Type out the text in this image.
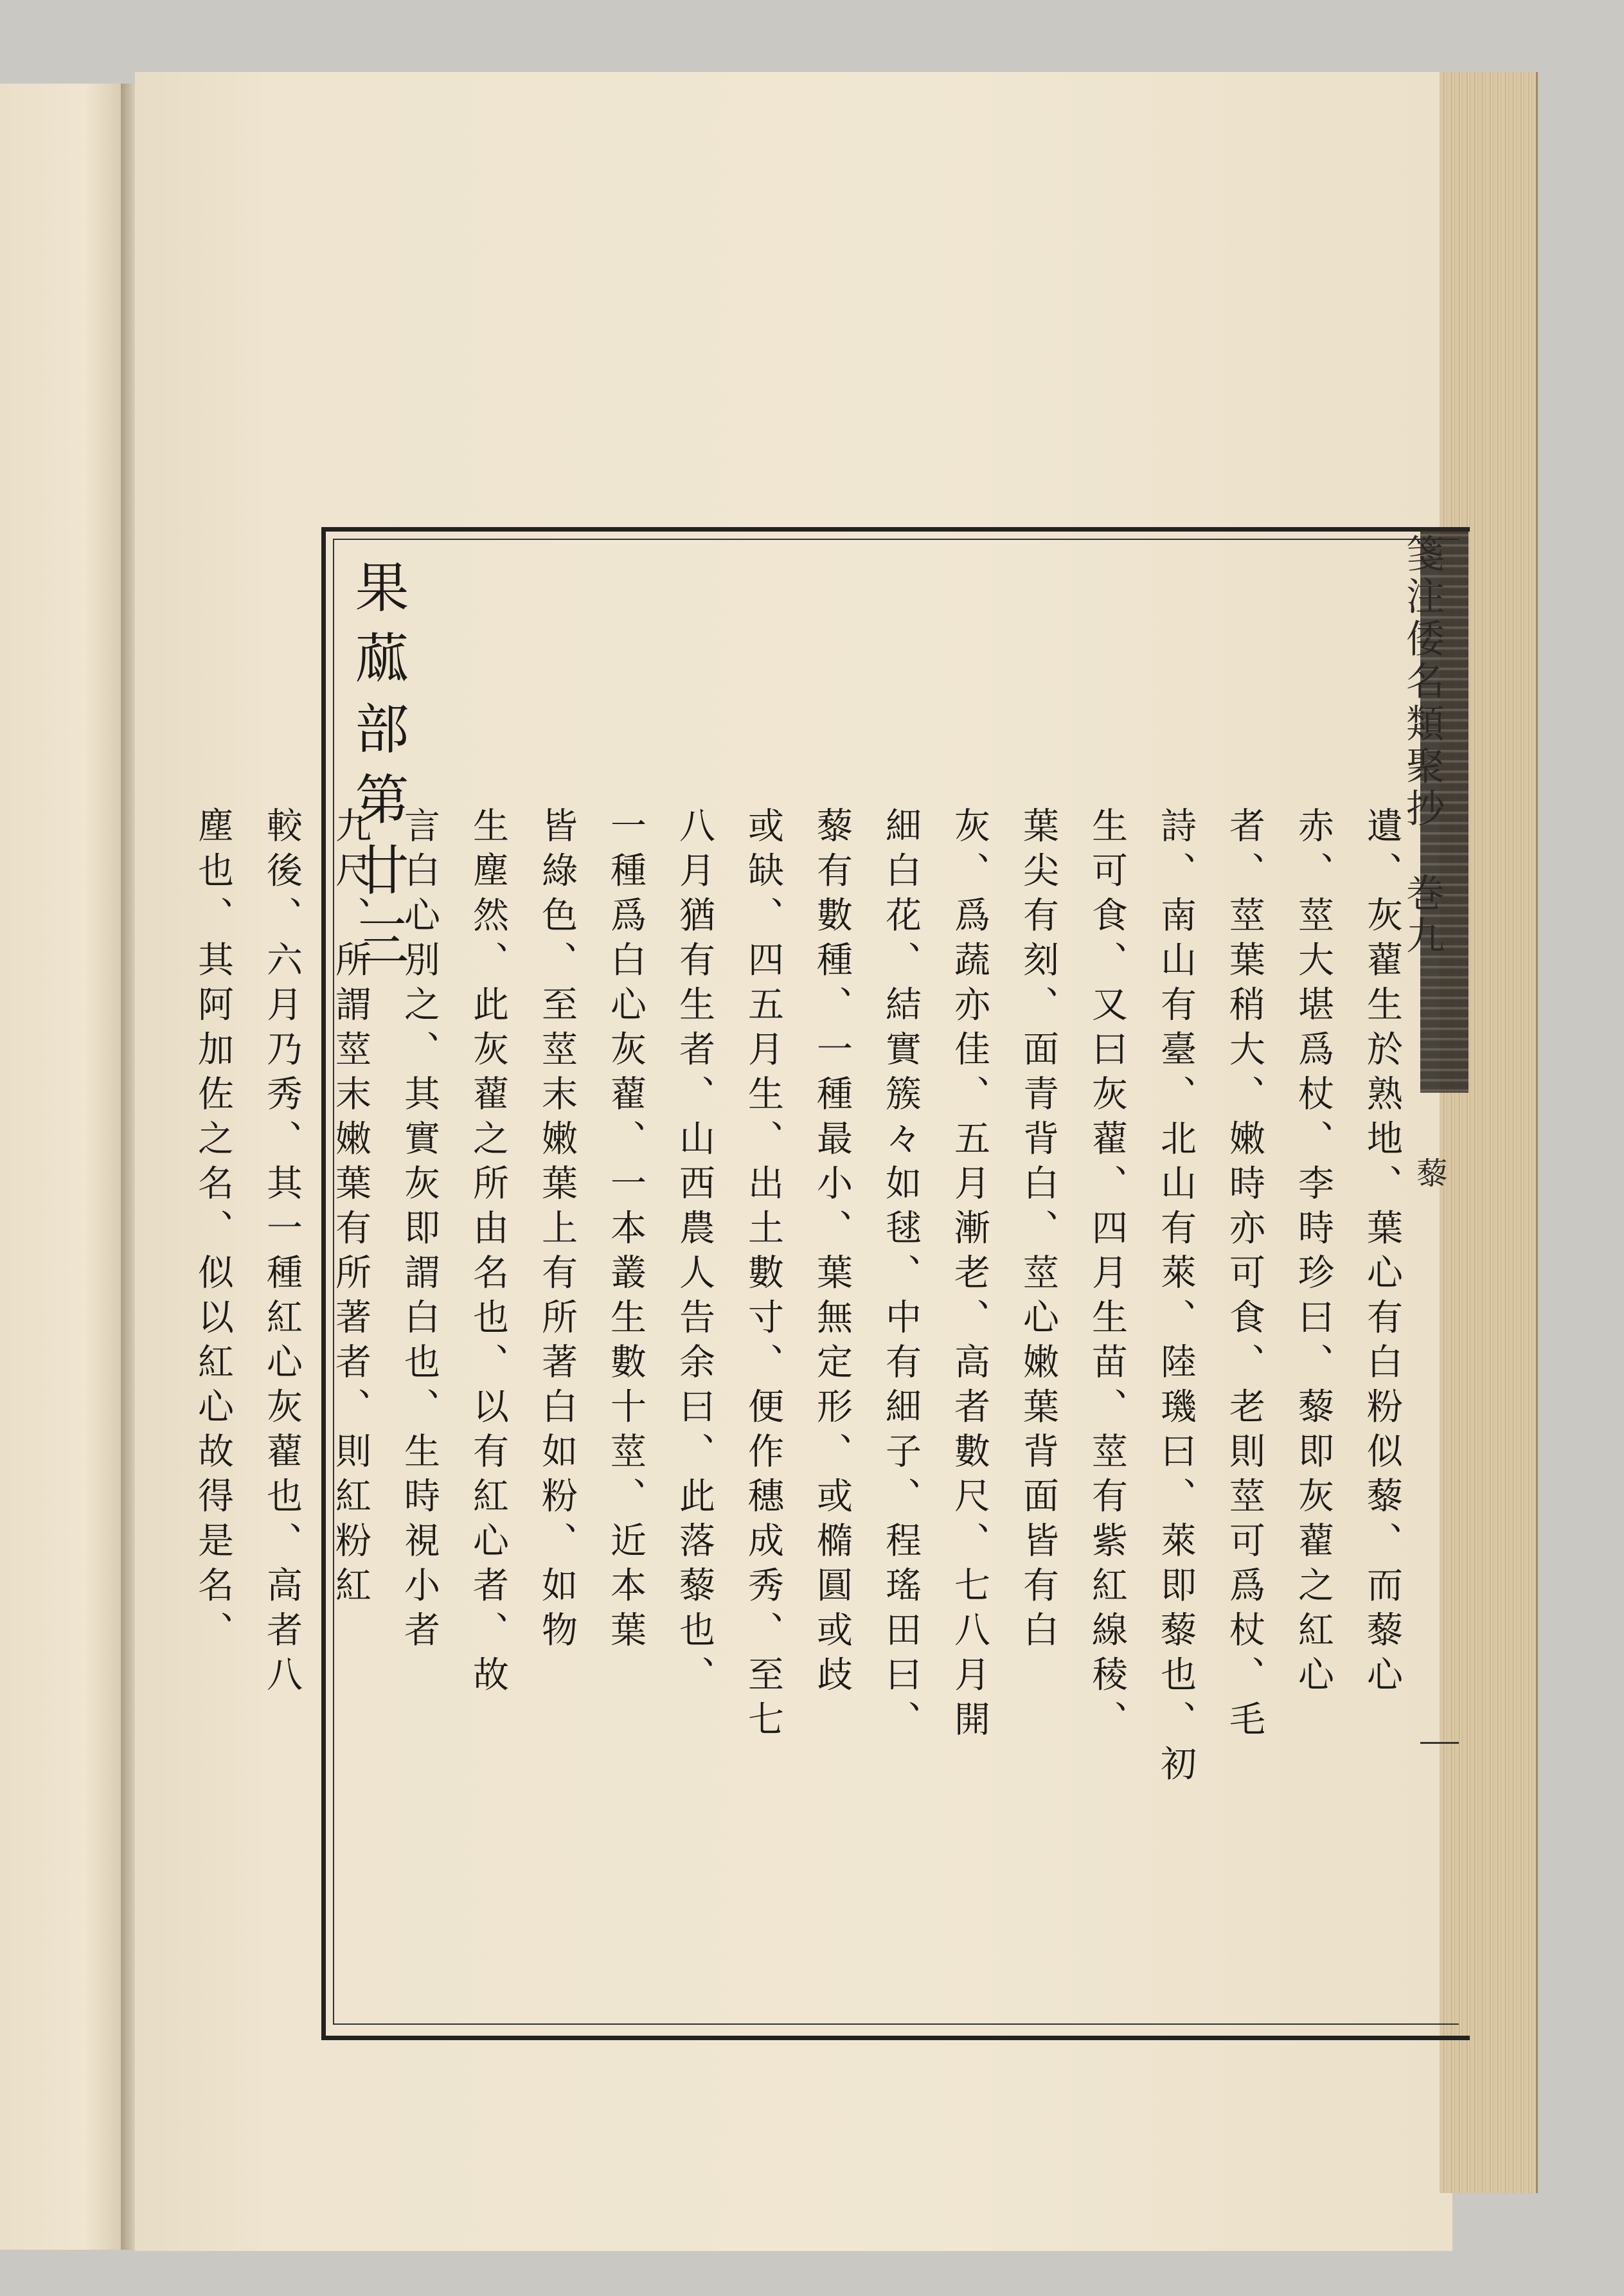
箋注倭名類聚抄　巻九
藜
果蓏部第廿三
遺、灰藋生於熟地、葉心有白粉似藜、而藜心
赤、莖大堪爲杖、李時珍曰、藜即灰藋之紅心
者、莖葉稍大、嫩時亦可食、老則莖可爲杖、毛
詩、南山有臺、北山有萊、陸璣曰、萊即藜也、初
生可食、又曰灰藋、四月生苗、莖有紫紅線稜、
葉尖有刻、面青背白、莖心嫩葉背面皆有白
灰、爲蔬亦佳、五月漸老、高者數尺、七八月開
細白花、結實簇々如毬、中有細子、程瑤田曰、
藜有數種、一種最小、葉無定形、或橢圓或歧
或缺、四五月生、出土數寸、便作穗成秀、至七
八月猶有生者、山西農人告余曰、此落藜也、
一種爲白心灰藋、一本叢生數十莖、近本葉
皆綠色、至莖末嫩葉上有所著白如粉、如物
生塵然、此灰藋之所由名也、以有紅心者、故
言白心別之、其實灰即謂白也、生時視小者
九尺、所謂莖末嫩葉有所著者、則紅粉紅
較後、六月乃秀、其一種紅心灰藋也、高者八
塵也、其阿加佐之名、似以紅心故得是名、
